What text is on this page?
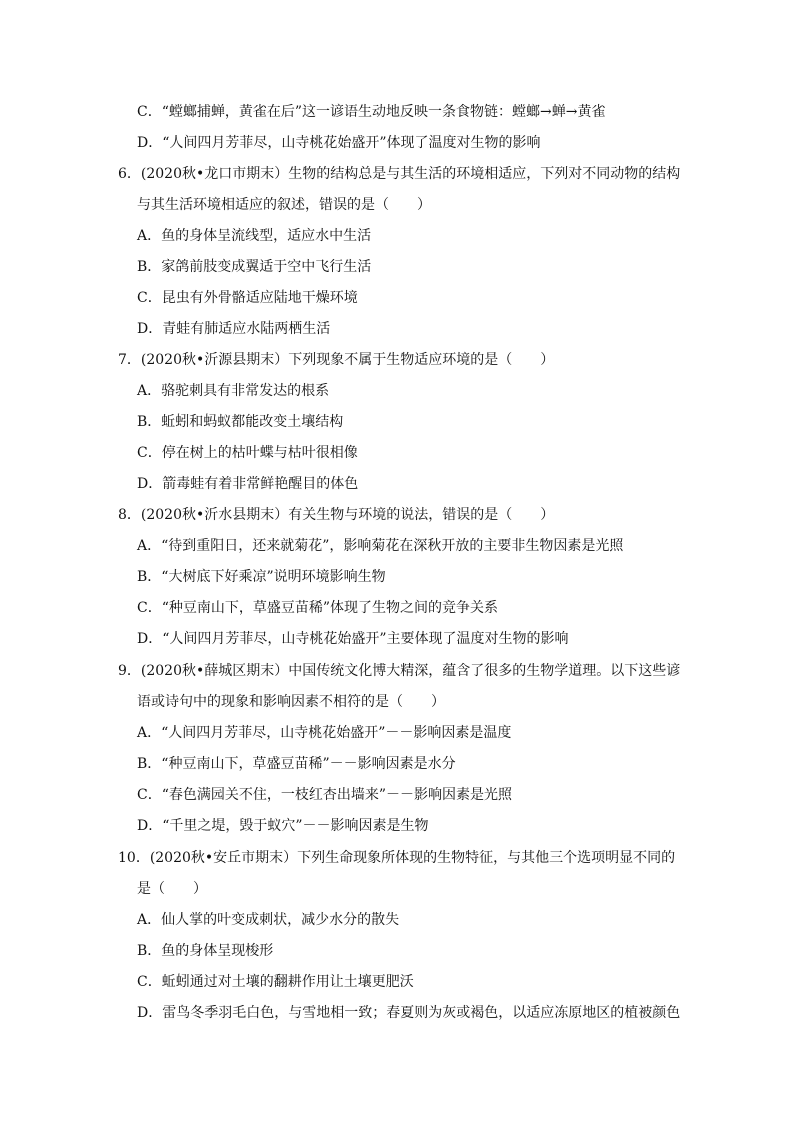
C．“螳螂捕蝉，黄雀在后”这一谚语生动地反映一条食物链：螳螂→蝉→黄雀
D．“人间四月芳菲尽，山寺桃花始盛开”体现了温度对生物的影响
6．(2020秋•龙口市期末）生物的结构总是与其生活的环境相适应，下列对不同动物的结构
与其生活环境相适应的叙述，错误的是（　　）
A．鱼的身体呈流线型，适应水中生活
B．家鸽前肢变成翼适于空中飞行生活
C．昆虫有外骨骼适应陆地干燥环境
D．青蛙有肺适应水陆两栖生活
7．(2020秋•沂源县期末）下列现象不属于生物适应环境的是（　　）
A．骆驼刺具有非常发达的根系
B．蚯蚓和蚂蚁都能改变土壤结构
C．停在树上的枯叶蝶与枯叶很相像
D．箭毒蛙有着非常鲜艳醒目的体色
8．(2020秋•沂水县期末）有关生物与环境的说法，错误的是（　　）
A．“待到重阳日，还来就菊花”，影响菊花在深秋开放的主要非生物因素是光照
B．“大树底下好乘凉”说明环境影响生物
C．“种豆南山下，草盛豆苗稀”体现了生物之间的竞争关系
D．“人间四月芳菲尽，山寺桃花始盛开”主要体现了温度对生物的影响
9．(2020秋•薛城区期末）中国传统文化博大精深，蕴含了很多的生物学道理。以下这些谚
语或诗句中的现象和影响因素不相符的是（　　）
A．“人间四月芳菲尽，山寺桃花始盛开”－－影响因素是温度
B．“种豆南山下，草盛豆苗稀”－－影响因素是水分
C．“春色满园关不住，一枝红杏出墙来”－－影响因素是光照
D．“千里之堤，毁于蚁穴”－－影响因素是生物
10．(2020秋•安丘市期末）下列生命现象所体现的生物特征，与其他三个选项明显不同的
是（　　）
A．仙人掌的叶变成刺状，减少水分的散失
B．鱼的身体呈现梭形
C．蚯蚓通过对土壤的翻耕作用让土壤更肥沃
D．雷鸟冬季羽毛白色，与雪地相一致；春夏则为灰或褐色，以适应冻原地区的植被颜色
